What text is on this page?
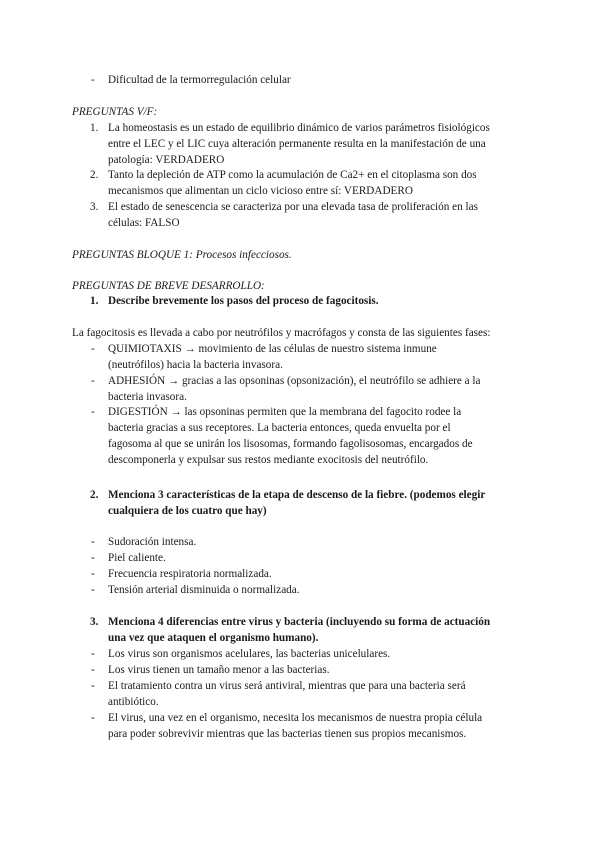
- Dificultad de la termorregulación celular
PREGUNTAS V/F:
1. La homeostasis es un estado de equilibrio dinámico de varios parámetros fisiológicos
entre el LEC y el LIC cuya alteración permanente resulta en la manifestación de una
patología: VERDADERO
2. Tanto la depleción de ATP como la acumulación de Ca2+ en el citoplasma son dos
mecanismos que alimentan un ciclo vicioso entre sí: VERDADERO
3. El estado de senescencia se caracteriza por una elevada tasa de proliferación en las
células: FALSO
PREGUNTAS BLOQUE 1: Procesos infecciosos.
PREGUNTAS DE BREVE DESARROLLO:
1. Describe brevemente los pasos del proceso de fagocitosis.
La fagocitosis es llevada a cabo por neutrófilos y macrófagos y consta de las siguientes fases:
- QUIMIOTAXIS → movimiento de las células de nuestro sistema inmune
(neutrófilos) hacia la bacteria invasora.
- ADHESIÓN → gracias a las opsoninas (opsonización), el neutrófilo se adhiere a la
bacteria invasora.
- DIGESTIÓN → las opsoninas permiten que la membrana del fagocito rodee la
bacteria gracias a sus receptores. La bacteria entonces, queda envuelta por el
fagosoma al que se unirán los lisosomas, formando fagolisosomas, encargados de
descomponerla y expulsar sus restos mediante exocitosis del neutrófilo.
2. Menciona 3 características de la etapa de descenso de la fiebre. (podemos elegir
cualquiera de los cuatro que hay)
- Sudoración intensa.
- Piel caliente.
- Frecuencia respiratoria normalizada.
- Tensión arterial disminuida o normalizada.
3. Menciona 4 diferencias entre virus y bacteria (incluyendo su forma de actuación
una vez que ataquen el organismo humano).
- Los virus son organismos acelulares, las bacterias unicelulares.
- Los virus tienen un tamaño menor a las bacterias.
- El tratamiento contra un virus será antiviral, mientras que para una bacteria será
antibiótico.
- El virus, una vez en el organismo, necesita los mecanismos de nuestra propia célula
para poder sobrevivir mientras que las bacterias tienen sus propios mecanismos.
